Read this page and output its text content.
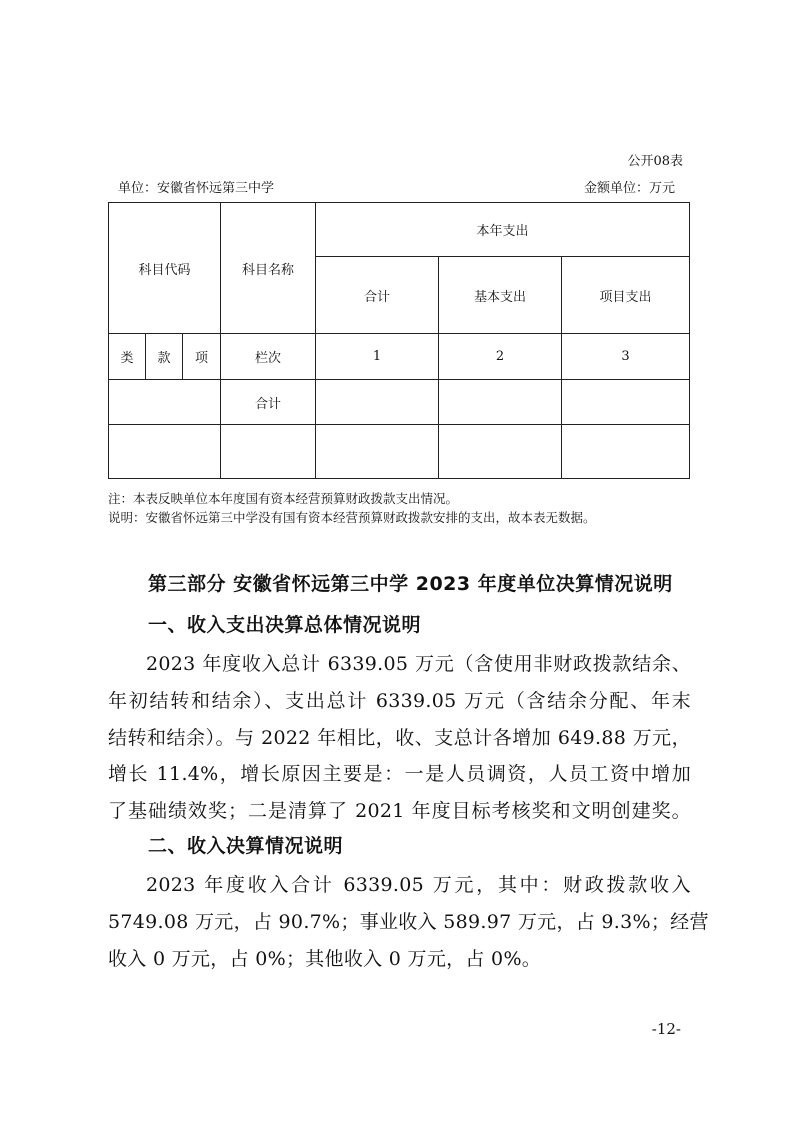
公开08表
单位：安徽省怀远第三中学	金额单位：万元
科目代码			科目名称	本年支出		
				合计	基本支出	项目支出
类	款	项	栏次	1	2	3
			合计			

注：本表反映单位本年度国有资本经营预算财政拨款支出情况。
说明：安徽省怀远第三中学没有国有资本经营预算财政拨款安排的支出，故本表无数据。
第三部分 安徽省怀远第三中学 2023 年度单位决算情况说明
一、收入支出决算总体情况说明
2023 年度收入总计 6339.05 万元（含使用非财政拨款结余、
年初结转和结余）、支出总计 6339.05 万元（含结余分配、年末
结转和结余）。与 2022 年相比，收、支总计各增加 649.88 万元，
增长 11.4%，增长原因主要是：一是人员调资，人员工资中增加
了基础绩效奖；二是清算了 2021 年度目标考核奖和文明创建奖。
二、收入决算情况说明
2023 年度收入合计 6339.05 万元，其中：财政拨款收入
5749.08 万元，占 90.7%；事业收入 589.97 万元，占 9.3%；经营
收入 0 万元，占 0%；其他收入 0 万元，占 0%。
-12-
